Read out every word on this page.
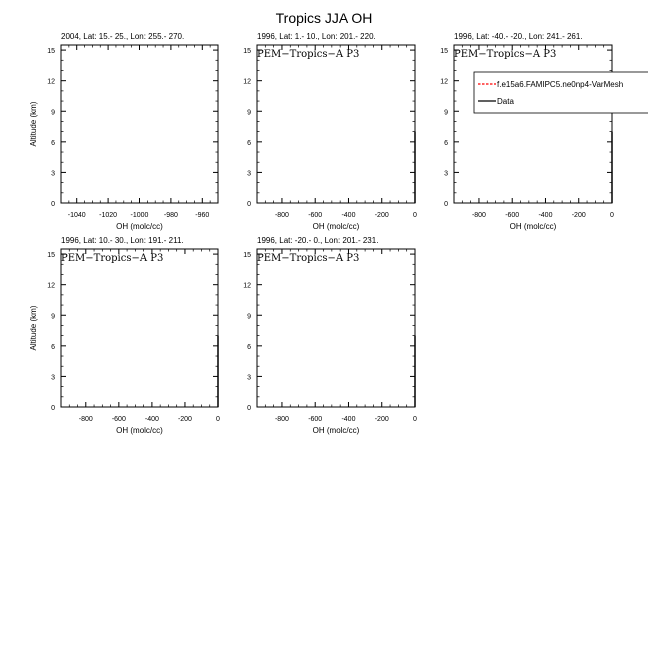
Tropics JJA OH
2004, Lat: 15.- 25., Lon: 255.- 270.
0
3
6
9
12
15
-1040 -1020 -1000 -980 -960
OH (molc/cc)
Altitude (km)
1996, Lat: 1.- 10., Lon: 201.- 220.
0
3
6
9
12
15
-800	-600	-400	-200	0
OH (molc/cc)
PEM−Tropics−A P3
1996, Lat: -40.- -20., Lon: 241.- 261.
0
3
6
9
12
15
-800	-600	-400	-200	0
OH (molc/cc)
PEM−Tropics−A P3
1996, Lat: 10.- 30., Lon: 191.- 211.
0
3
6
9
12
15
-800	-600	-400	-200	0
OH (molc/cc)
Altitude (km)
PEM−Tropics−A P3
1996, Lat: -20.- 0., Lon: 201.- 231.
0
3
6
9
12
15
-800	-600	-400	-200	0
OH (molc/cc)
PEM−Tropics−A P3
f.e15a6.FAMIPC5.ne0np4-VarMesh
Data
